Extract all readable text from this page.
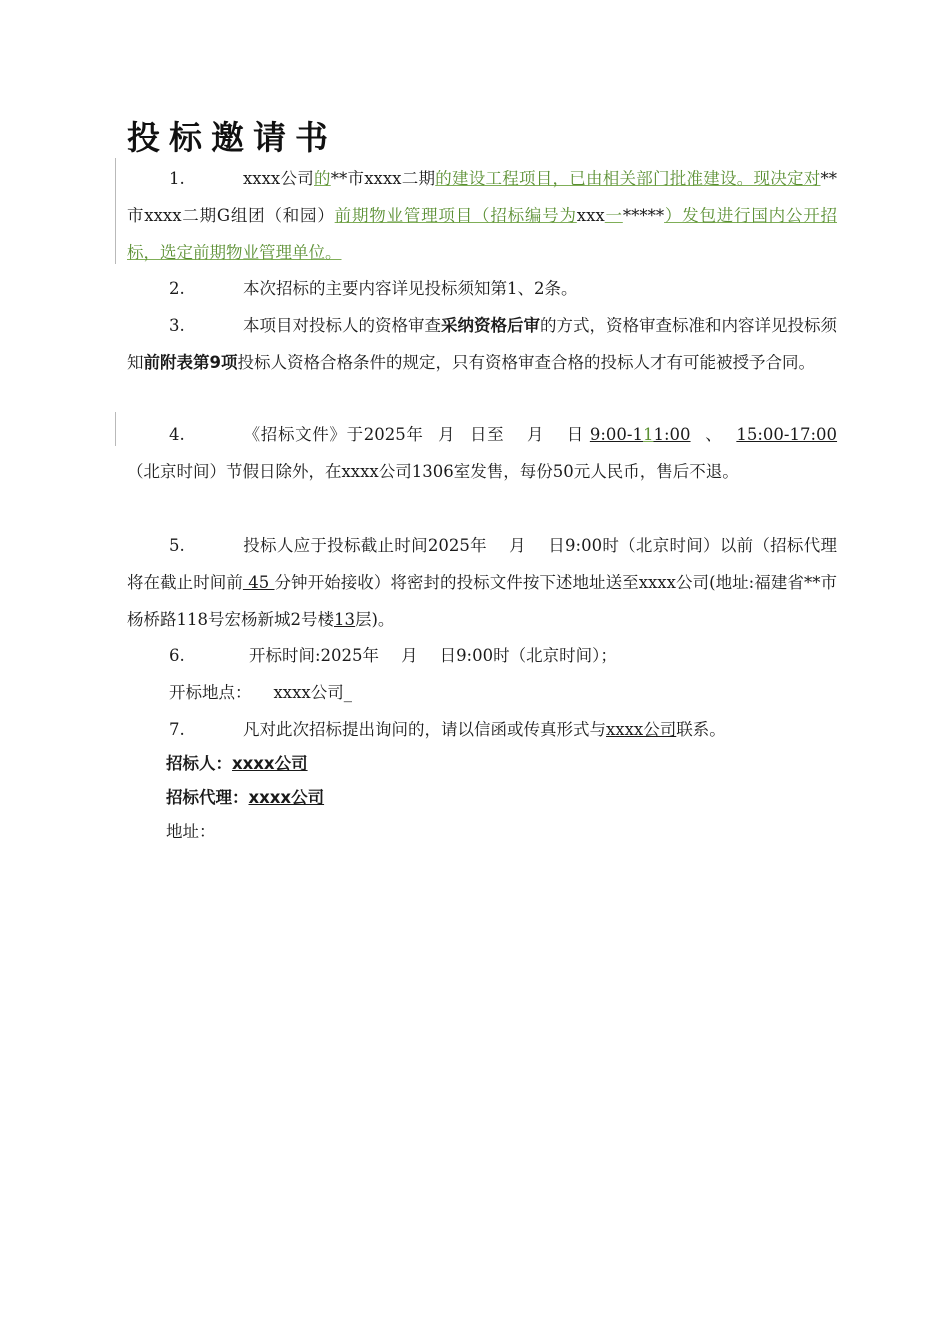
投标邀请书
1.	xxxx公司的**市xxxx二期的建设工程项目，已由相关部门批准建设。现决定对**市xxxx二期G组团（和园）前期物业管理项目（招标编号为xxx一*****）发包进行国内公开招标，选定前期物业管理单位。
2.	本次招标的主要内容详见投标须知第1、2条。
3.	本项目对投标人的资格审查采纳资格后审的方式，资格审查标准和内容详见投标须知前附表第9项投标人资格合格条件的规定，只有资格审查合格的投标人才有可能被授予合同。
4.	《招标文件》于2025年 月 日至 月 日 9:00-111:00 、 15:00-17:00（北京时间）节假日除外，在xxxx公司1306室发售，每份50元人民币，售后不退。
5.	投标人应于投标截止时间2025年 月 日9:00时（北京时间）以前（招标代理将在截止时间前 45 分钟开始接收）将密封的投标文件按下述地址送至xxxx公司(地址:福建省**市杨桥路118号宏杨新城2号楼13层)。
6.	开标时间:2025年 月 日9:00时（北京时间）；
开标地点： xxxx公司_
7.	凡对此次招标提出询问的，请以信函或传真形式与xxxx公司联系。
招标人：xxxx公司
招标代理：xxxx公司
地址：
